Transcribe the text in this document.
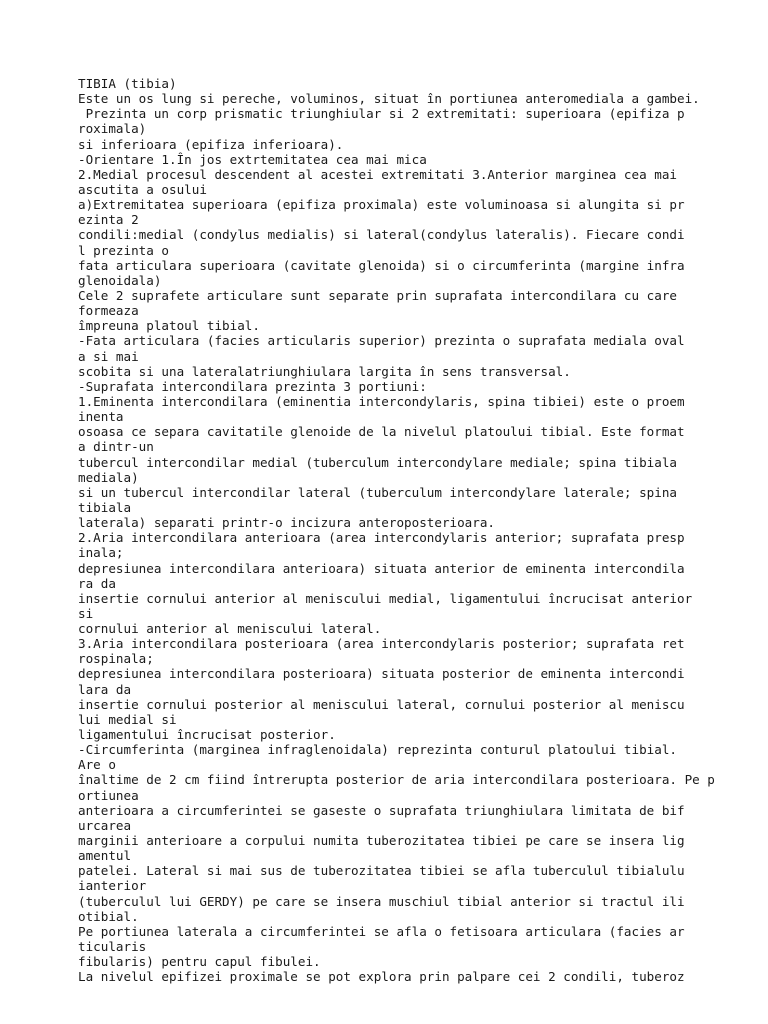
TIBIA (tibia)
Este un os lung si pereche, voluminos, situat în portiunea anteromediala a gambei.
Prezinta un corp prismatic triunghiular si 2 extremitati: superioara (epifiza p
roximala)
si inferioara (epifiza inferioara).
-Orientare 1.În jos extrtemitatea cea mai mica
2.Medial procesul descendent al acestei extremitati 3.Anterior marginea cea mai
ascutita a osului
a)Extremitatea superioara (epifiza proximala) este voluminoasa si alungita si pr
ezinta 2
condili:medial (condylus medialis) si lateral(condylus lateralis). Fiecare condi
l prezinta o
fata articulara superioara (cavitate glenoida) si o circumferinta (margine infra
glenoidala)
Cele 2 suprafete articulare sunt separate prin suprafata intercondilara cu care
formeaza
împreuna platoul tibial.
-Fata articulara (facies articularis superior) prezinta o suprafata mediala oval
a si mai
scobita si una lateralatriunghiulara largita în sens transversal.
-Suprafata intercondilara prezinta 3 portiuni:
1.Eminenta intercondilara (eminentia intercondylaris, spina tibiei) este o proem
inenta
osoasa ce separa cavitatile glenoide de la nivelul platoului tibial. Este format
a dintr-un
tubercul intercondilar medial (tuberculum intercondylare mediale; spina tibiala
mediala)
si un tubercul intercondilar lateral (tuberculum intercondylare laterale; spina
tibiala
laterala) separati printr-o incizura anteroposterioara.
2.Aria intercondilara anterioara (area intercondylaris anterior; suprafata presp
inala;
depresiunea intercondilara anterioara) situata anterior de eminenta intercondila
ra da
insertie cornului anterior al meniscului medial, ligamentului încrucisat anterior
si
cornului anterior al meniscului lateral.
3.Aria intercondilara posterioara (area intercondylaris posterior; suprafata ret
rospinala;
depresiunea intercondilara posterioara) situata posterior de eminenta intercondi
lara da
insertie cornului posterior al meniscului lateral, cornului posterior al meniscu
lui medial si
ligamentului încrucisat posterior.
-Circumferinta (marginea infraglenoidala) reprezinta conturul platoului tibial.
Are o
înaltime de 2 cm fiind întrerupta posterior de aria intercondilara posterioara. Pe p
ortiunea
anterioara a circumferintei se gaseste o suprafata triunghiulara limitata de bif
urcarea
marginii anterioare a corpului numita tuberozitatea tibiei pe care se insera lig
amentul
patelei. Lateral si mai sus de tuberozitatea tibiei se afla tuberculul tibialulu
ianterior
(tuberculul lui GERDY) pe care se insera muschiul tibial anterior si tractul ili
otibial.
Pe portiunea laterala a circumferintei se afla o fetisoara articulara (facies ar
ticularis
fibularis) pentru capul fibulei.
La nivelul epifizei proximale se pot explora prin palpare cei 2 condili, tuberoz
